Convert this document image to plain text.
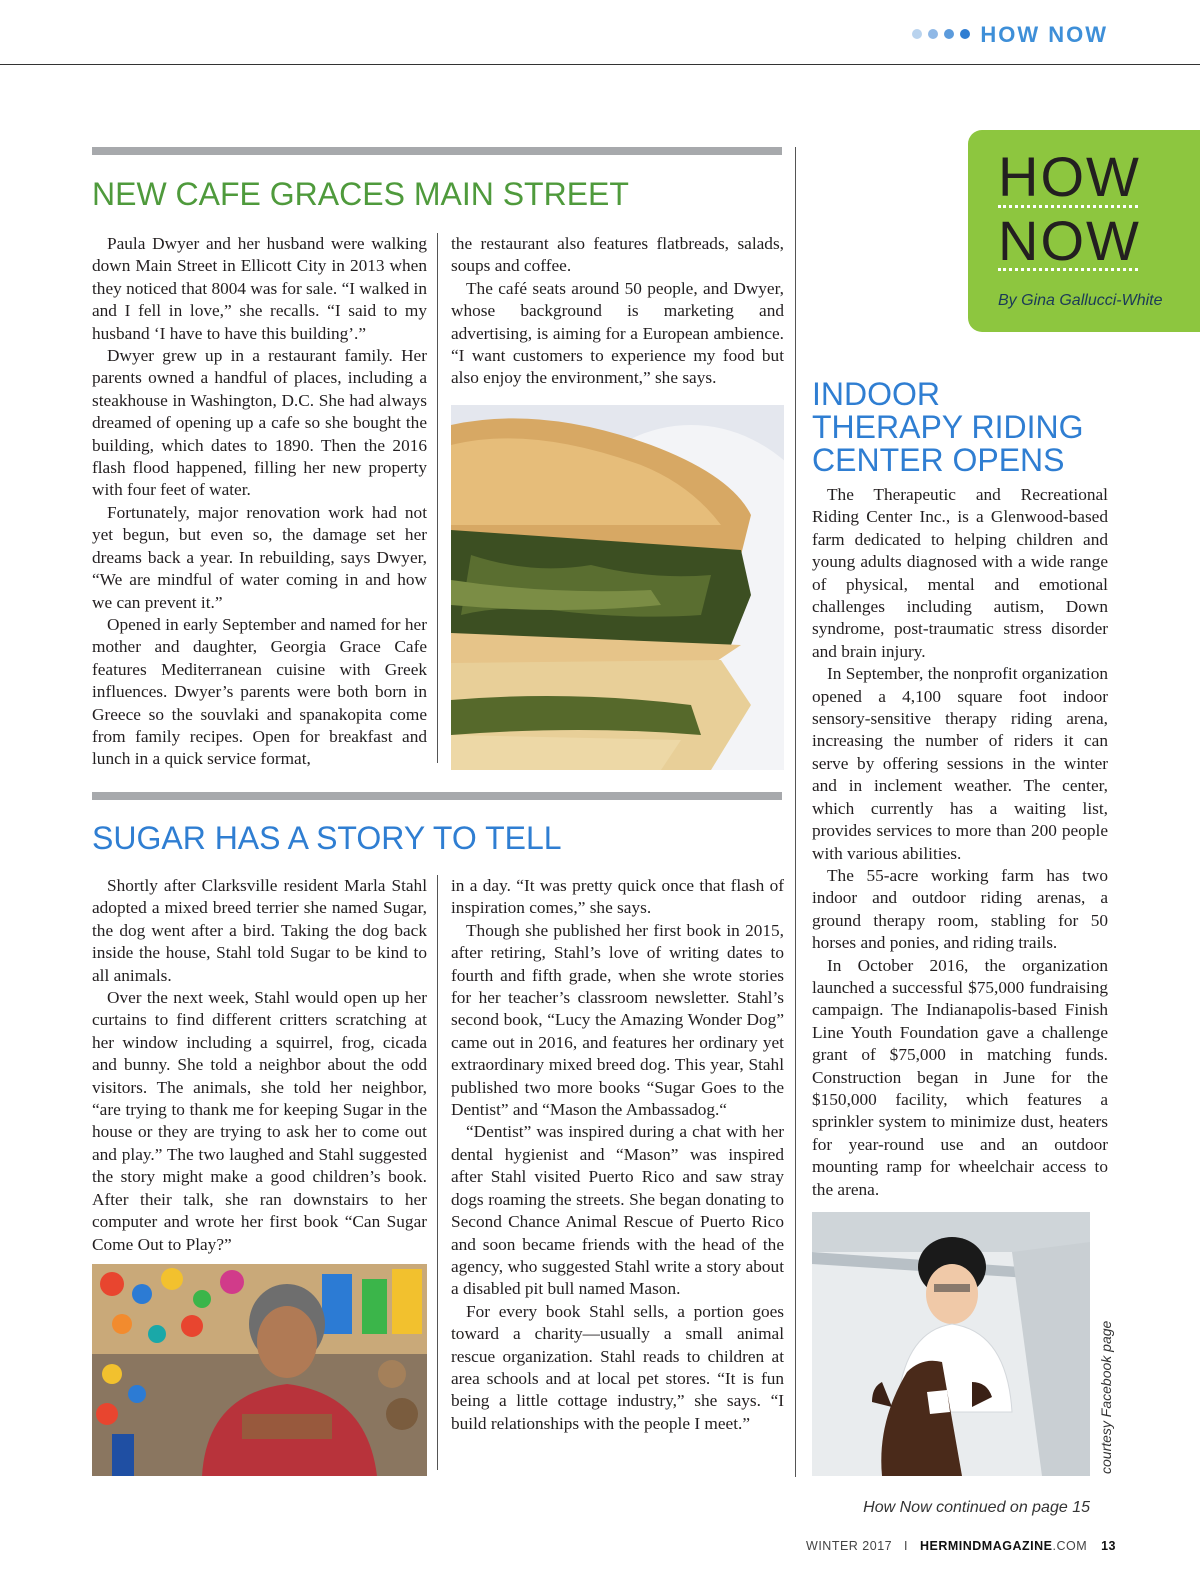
HOW NOW
NEW CAFE GRACES MAIN STREET

Paula Dwyer and her husband were walking down Main Street in Ellicott City in 2013 when they noticed that 8004 was for sale. “I walked in and I fell in love,” she recalls. “I said to my husband ‘I have to have this building’.”

Dwyer grew up in a restaurant family. Her parents owned a handful of places, including a steakhouse in Washington, D.C. She had always dreamed of opening up a cafe so she bought the building, which dates to 1890. Then the 2016 flash flood happened, filling her new property with four feet of water.

Fortunately, major renovation work had not yet begun, but even so, the damage set her dreams back a year. In rebuilding, says Dwyer, “We are mindful of water coming in and how we can prevent it.”

Opened in early September and named for her mother and daughter, Georgia Grace Cafe features Mediterranean cuisine with Greek influences. Dwyer’s parents were both born in Greece so the souvlaki and spanakopita come from family recipes. Open for breakfast and lunch in a quick service format,

the restaurant also features flatbreads, salads, soups and coffee.

The café seats around 50 people, and Dwyer, whose background is marketing and advertising, is aiming for a European ambience. “I want customers to experience my food but also enjoy the environment,” she says.

SUGAR HAS A STORY TO TELL

Shortly after Clarksville resident Marla Stahl adopted a mixed breed terrier she named Sugar, the dog went after a bird. Taking the dog back inside the house, Stahl told Sugar to be kind to all animals.

Over the next week, Stahl would open up her curtains to find different critters scratching at her window including a squirrel, frog, cicada and bunny. She told a neighbor about the odd visitors. The animals, she told her neighbor, “are trying to thank me for keeping Sugar in the house or they are trying to ask her to come out and play.” The two laughed and Stahl suggested the story might make a good children’s book. After their talk, she ran downstairs to her computer and wrote her first book “Can Sugar Come Out to Play?”

in a day. “It was pretty quick once that flash of inspiration comes,” she says.

Though she published her first book in 2015, after retiring, Stahl’s love of writing dates to fourth and fifth grade, when she wrote stories for her teacher’s classroom newsletter. Stahl’s second book, “Lucy the Amazing Wonder Dog” came out in 2016, and features her ordinary yet extraordinary mixed breed dog. This year, Stahl published two more books “Sugar Goes to the Dentist” and “Mason the Ambassadog.“

“Dentist” was inspired during a chat with her dental hygienist and “Mason” was inspired after Stahl visited Puerto Rico and saw stray dogs roaming the streets. She began donating to Second Chance Animal Rescue of Puerto Rico and soon became friends with the head of the agency, who suggested Stahl write a story about a disabled pit bull named Mason.

For every book Stahl sells, a portion goes toward a charity—usually a small animal rescue organization. Stahl reads to children at area schools and at local pet stores. “It is fun being a little cottage industry,” she says. “I build relationships with the people I meet.”

HOW
NOW
By Gina Gallucci-White
INDOOR
THERAPY RIDING
CENTER OPENS

The Therapeutic and Recreational Riding Center Inc., is a Glenwood-based farm dedicated to helping children and young adults diagnosed with a wide range of physical, mental and emotional challenges including autism, Down syndrome, post-traumatic stress disorder and brain injury.

In September, the nonprofit organization opened a 4,100 square foot indoor sensory-sensitive therapy riding arena, increasing the number of riders it can serve by offering sessions in the winter and in inclement weather. The center, which currently has a waiting list, provides services to more than 200 people with various abilities.

The 55-acre working farm has two indoor and outdoor riding arenas, a ground therapy room, stabling for 50 horses and ponies, and riding trails.

In October 2016, the organization launched a successful $75,000 fundraising campaign. The Indianapolis-based Finish Line Youth Foundation gave a challenge grant of $75,000 in matching funds. Construction began in June for the $150,000 facility, which features a sprinkler system to minimize dust, heaters for year-round use and an outdoor mounting ramp for wheelchair access to the arena.

courtesy Facebook page
How Now continued on page 15
WINTER 2017 I HERMINDMAGAZINE.COM 13
